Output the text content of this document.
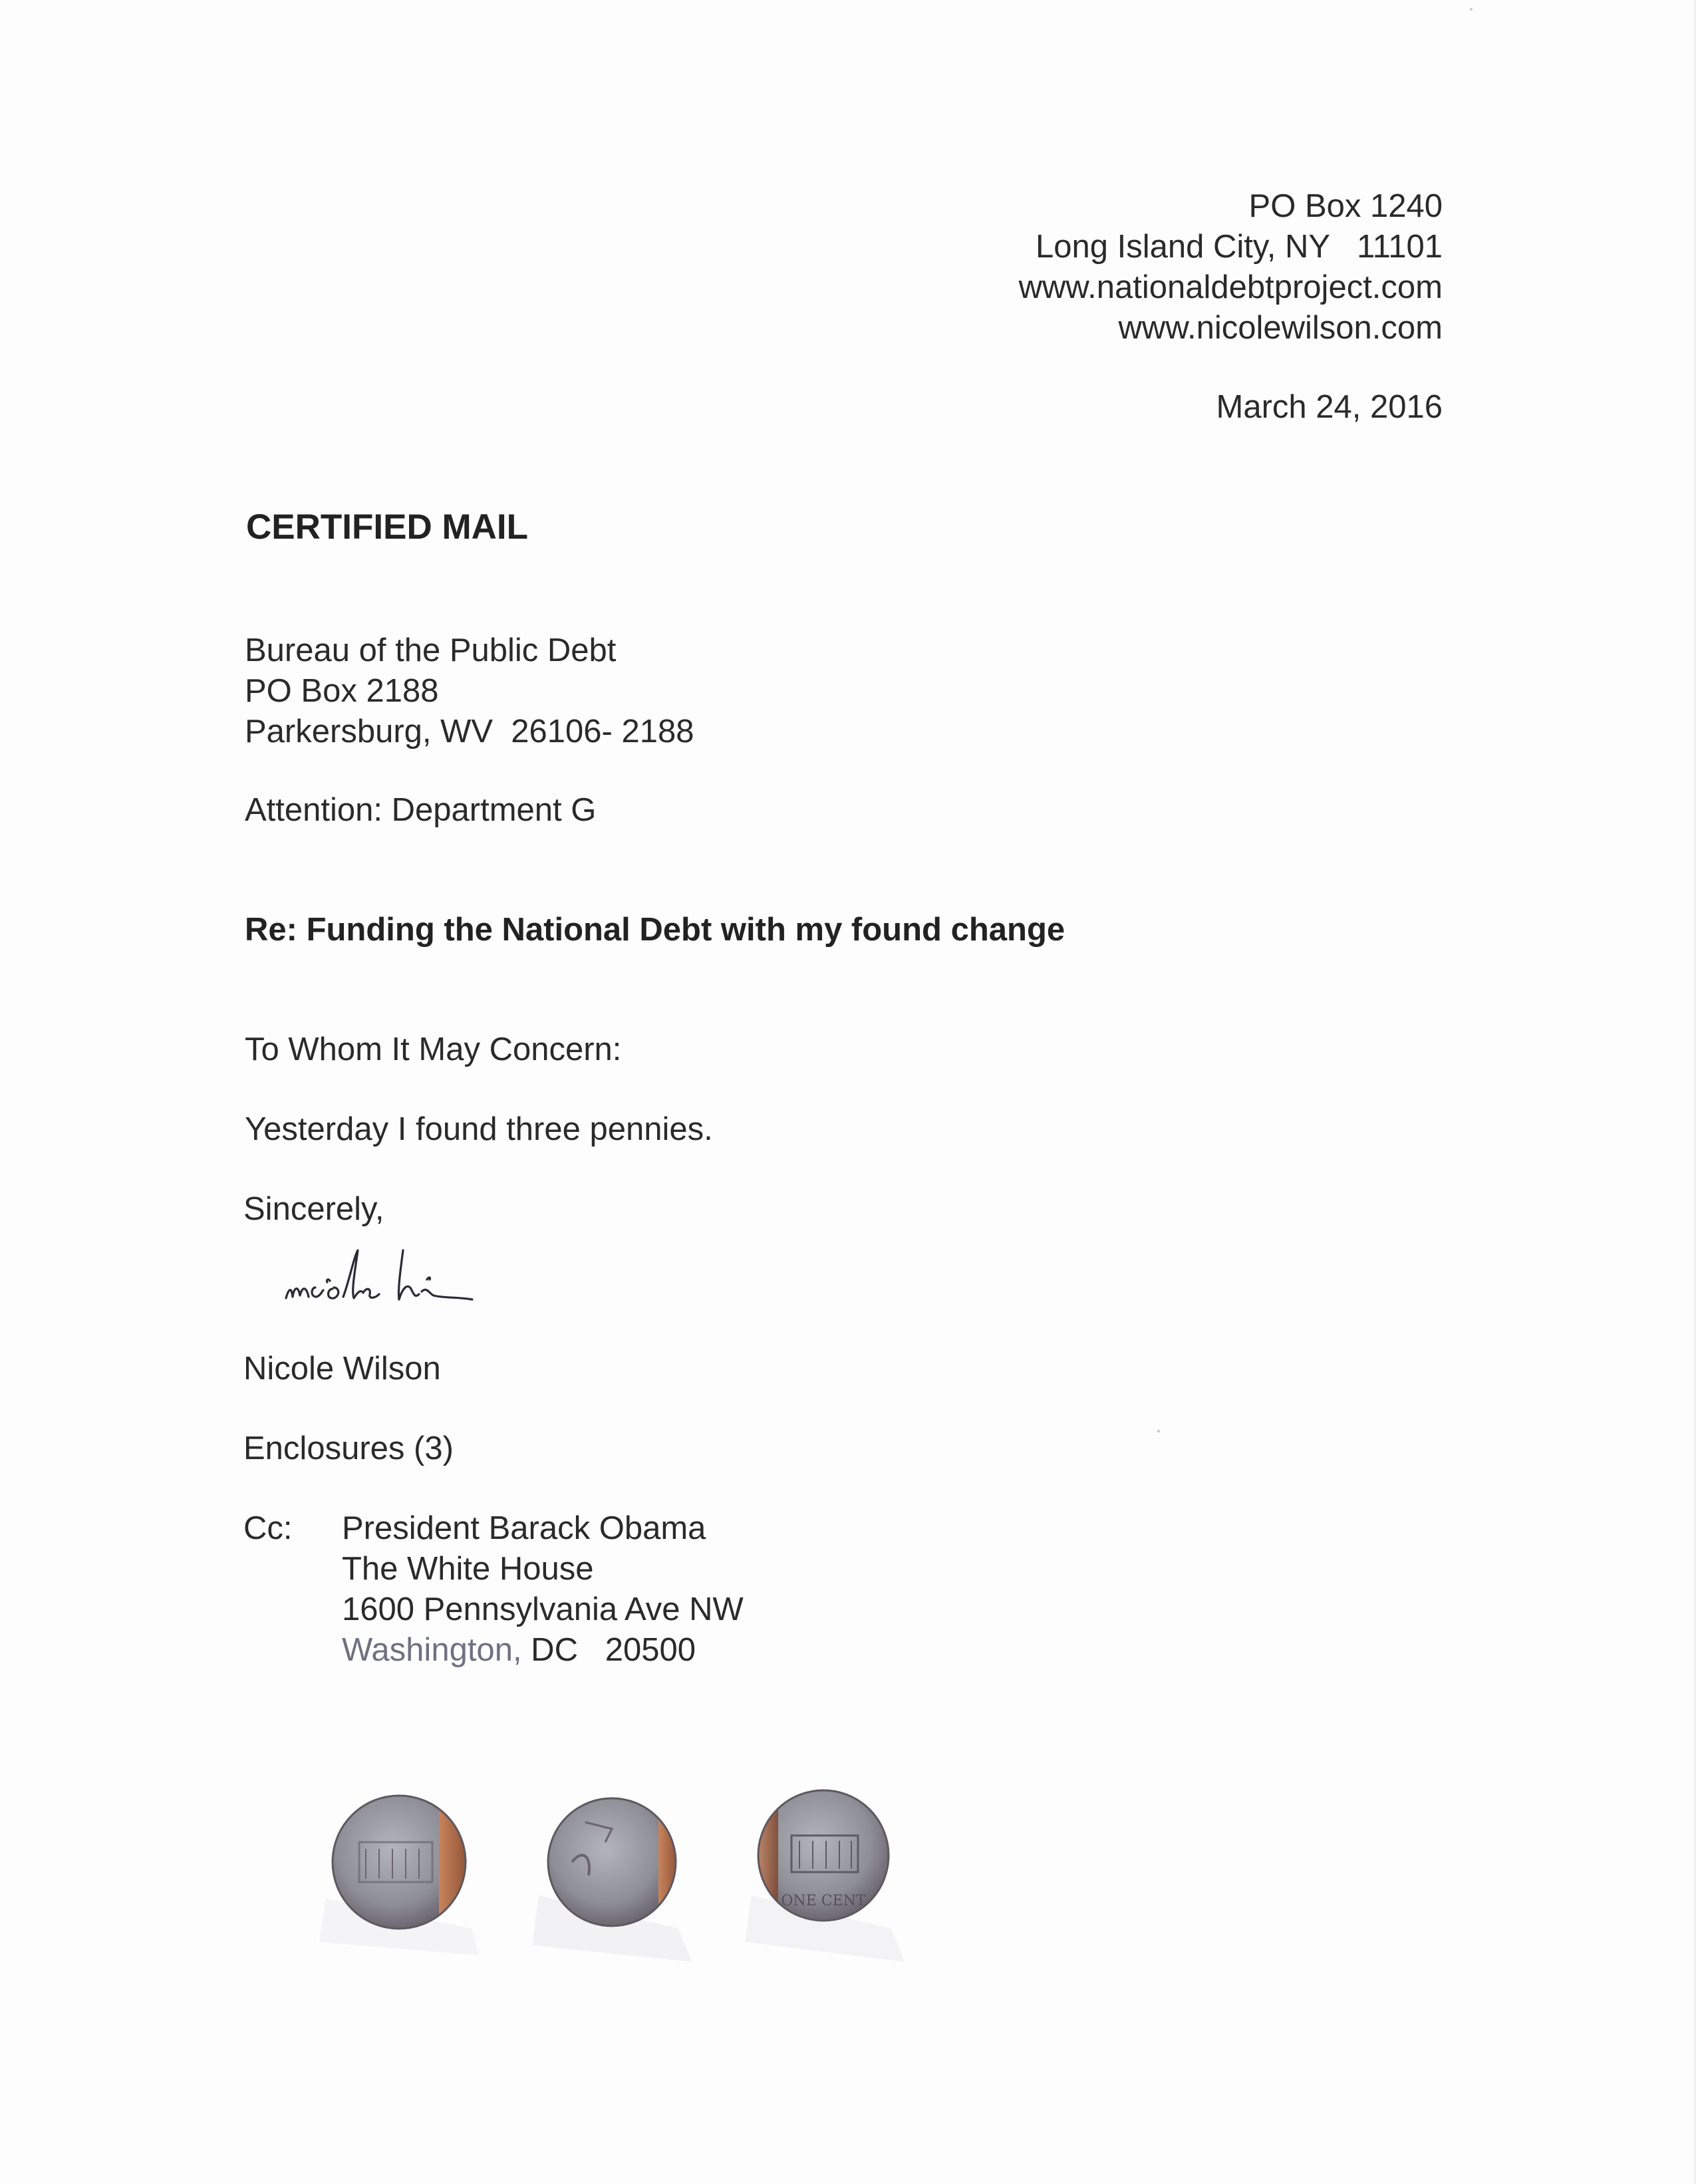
PO Box 1240
Long Island City, NY   11101
www.nationaldebtproject.com
www.nicolewilson.com
March 24, 2016
CERTIFIED MAIL
Bureau of the Public Debt
PO Box 2188
Parkersburg, WV  26106- 2188
Attention: Department G
Re: Funding the National Debt with my found change
To Whom It May Concern:
Yesterday I found three pennies.
Sincerely,
Nicole Wilson
Enclosures (3)
Cc: President Barack Obama
The White House
1600 Pennsylvania Ave NW
Washington, DC   20500
ONE CENT
